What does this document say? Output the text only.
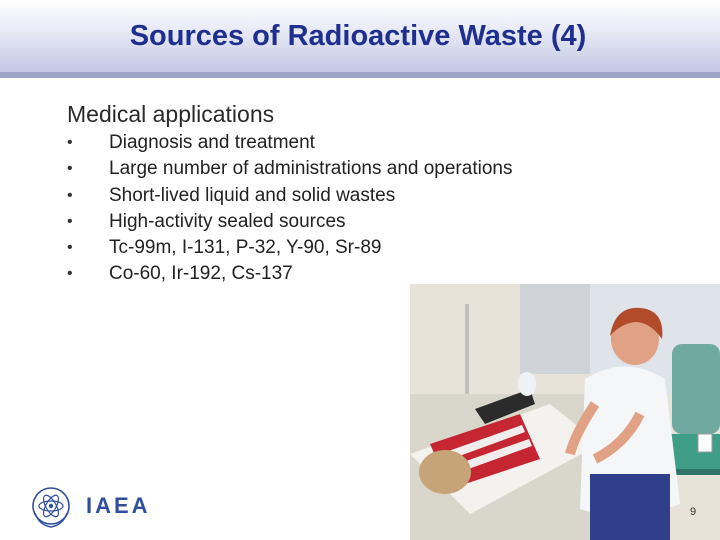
Sources of Radioactive Waste (4)
Medical applications
•	Diagnosis and treatment
•	Large number of administrations and operations
•	Short-lived liquid and solid wastes
•	High-activity sealed sources
•	Tc-99m, I-131, P-32, Y-90, Sr-89
•	Co-60, Ir-192, Cs-137
IAEA	9
